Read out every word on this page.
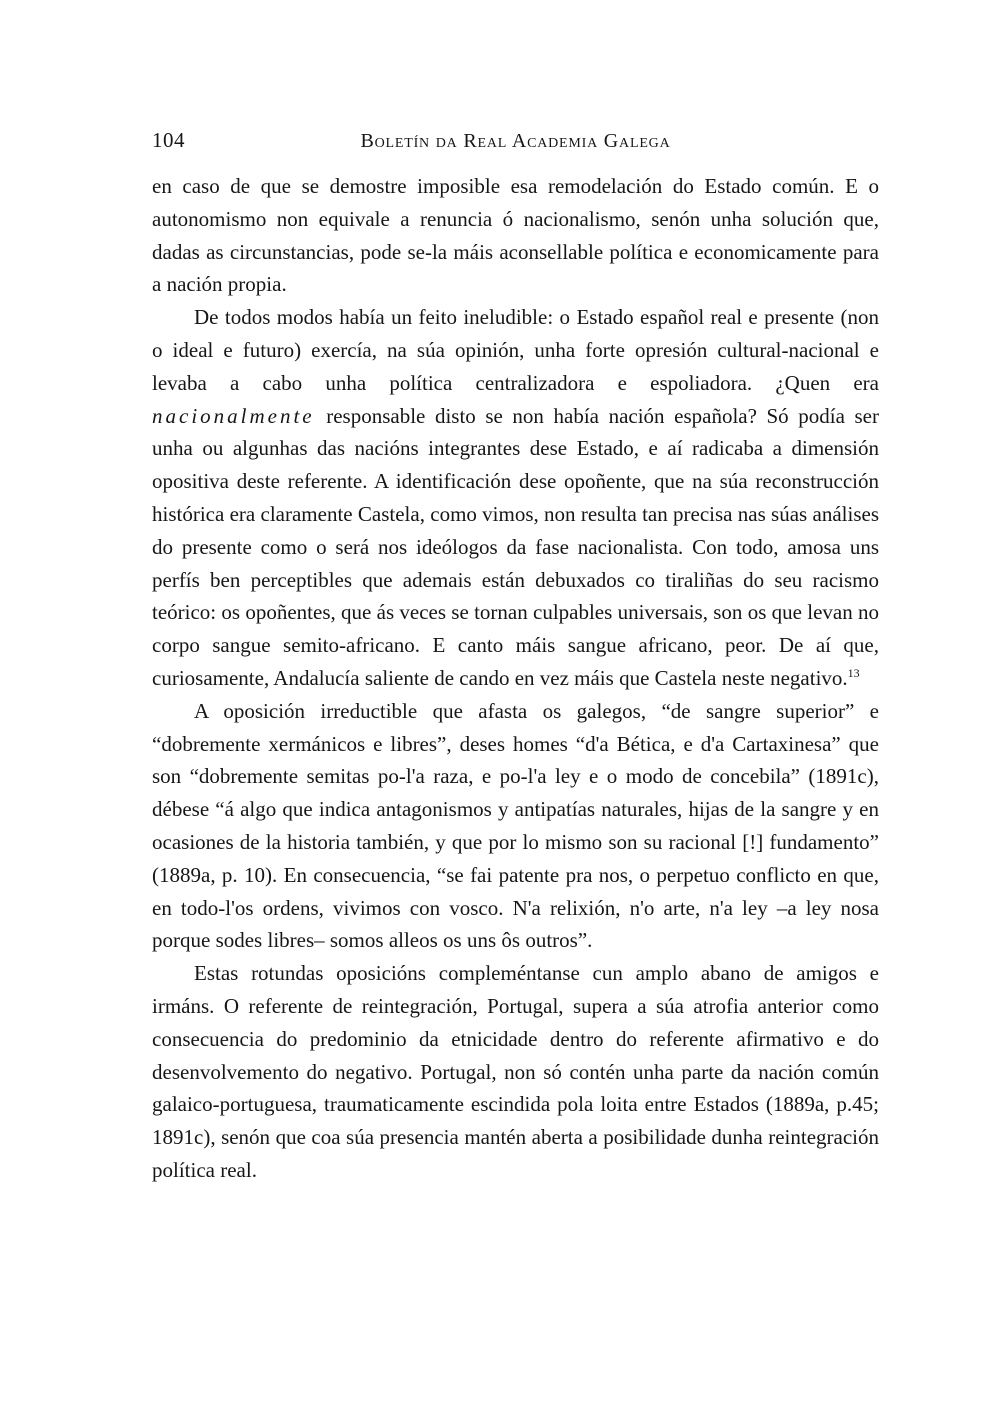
104	Boletín da Real Academia Galega

en caso de que se demostre imposible esa remodelación do Estado común. E o autonomismo non equivale a renuncia ó nacionalismo, senón unha solución que, dadas as circunstancias, pode se-la máis aconsellable política e economicamente para a nación propia.

De todos modos había un feito ineludible: o Estado español real e presente (non o ideal e futuro) exercía, na súa opinión, unha forte opresión cultural-nacional e levaba a cabo unha política centralizadora e espoliadora. ¿Quen era nacionalmente responsable disto se non había nación española? Só podía ser unha ou algunhas das nacións integrantes dese Estado, e aí radicaba a dimensión opositiva deste referente. A identificación dese opoñente, que na súa reconstrucción histórica era claramente Castela, como vimos, non resulta tan precisa nas súas análises do presente como o será nos ideólogos da fase nacionalista. Con todo, amosa uns perfís ben perceptibles que ademais están debuxados co tiraliñas do seu racismo teórico: os opoñentes, que ás veces se tornan culpables universais, son os que levan no corpo sangue semito-africano. E canto máis sangue africano, peor. De aí que, curiosamente, Andalucía saliente de cando en vez máis que Castela neste negativo.$^{13}$

A oposición irreductible que afasta os galegos, “de sangre superior” e “dobremente xermánicos e libres”, deses homes “d'a Bética, e d'a Cartaxinesa” que son “dobremente semitas po-l'a raza, e po-l'a ley e o modo de concebila” (1891c), débese “á algo que indica antagonismos y antipatías naturales, hijas de la sangre y en ocasiones de la historia también, y que por lo mismo son su racional [!] fundamento” (1889a, p. 10). En consecuencia, “se fai patente pra nos, o perpetuo conflicto en que, en todo-l'os ordens, vivimos con vosco. N'a relixión, n'o arte, n'a ley –a ley nosa porque sodes libres– somos alleos os uns ôs outros”.

Estas rotundas oposicións compleméntanse cun amplo abano de amigos e irmáns. O referente de reintegración, Portugal, supera a súa atrofia anterior como consecuencia do predominio da etnicidade dentro do referente afirmativo e do desenvolvemento do negativo. Portugal, non só contén unha parte da nación común galaico-portuguesa, traumaticamente escindida pola loita entre Estados (1889a, p.45; 1891c), senón que coa súa presencia mantén aberta a posibilidade dunha reintegración política real.
